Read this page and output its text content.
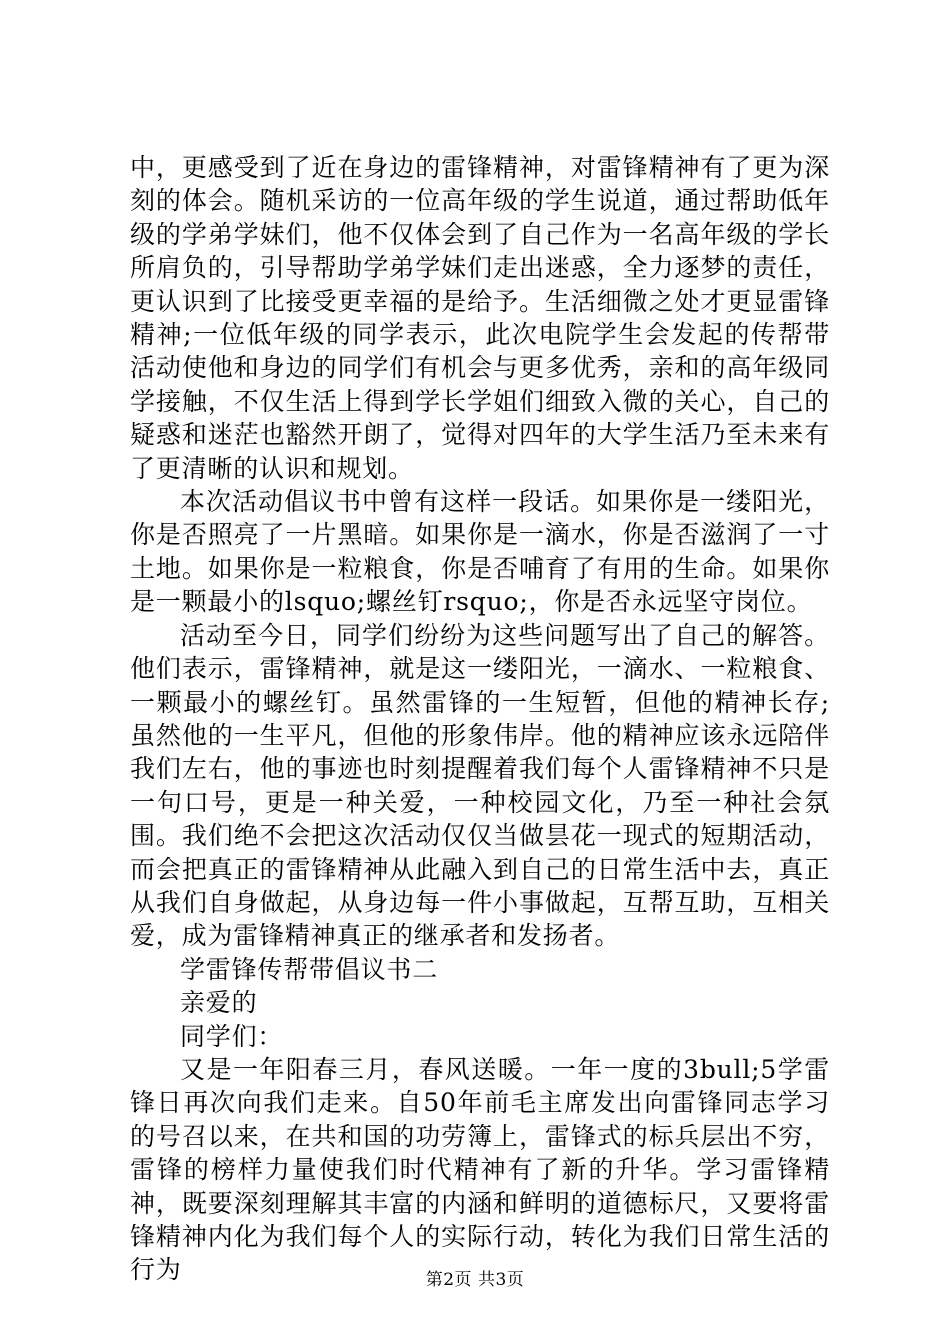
中，更感受到了近在身边的雷锋精神，对雷锋精神有了更为深刻的体会。随机采访的一位高年级的学生说道，通过帮助低年级的学弟学妹们，他不仅体会到了自己作为一名高年级的学长所肩负的，引导帮助学弟学妹们走出迷惑，全力逐梦的责任，更认识到了比接受更幸福的是给予。生活细微之处才更显雷锋精神;一位低年级的同学表示，此次电院学生会发起的传帮带活动使他和身边的同学们有机会与更多优秀，亲和的高年级同学接触，不仅生活上得到学长学姐们细致入微的关心，自己的疑惑和迷茫也豁然开朗了，觉得对四年的大学生活乃至未来有了更清晰的认识和规划。

本次活动倡议书中曾有这样一段话。如果你是一缕阳光，你是否照亮了一片黑暗。如果你是一滴水，你是否滋润了一寸土地。如果你是一粒粮食，你是否哺育了有用的生命。如果你是一颗最小的lsquo;螺丝钉rsquo;，你是否永远坚守岗位。

活动至今日，同学们纷纷为这些问题写出了自己的解答。他们表示，雷锋精神，就是这一缕阳光，一滴水、一粒粮食、一颗最小的螺丝钉。虽然雷锋的一生短暂，但他的精神长存;虽然他的一生平凡，但他的形象伟岸。他的精神应该永远陪伴我们左右，他的事迹也时刻提醒着我们每个人雷锋精神不只是一句口号，更是一种关爱，一种校园文化，乃至一种社会氛围。我们绝不会把这次活动仅仅当做昙花一现式的短期活动，而会把真正的雷锋精神从此融入到自己的日常生活中去，真正从我们自身做起，从身边每一件小事做起，互帮互助，互相关爱，成为雷锋精神真正的继承者和发扬者。

学雷锋传帮带倡议书二

亲爱的

同学们：

又是一年阳春三月，春风送暖。一年一度的3bull;5学雷锋日再次向我们走来。自50年前毛主席发出向雷锋同志学习的号召以来，在共和国的功劳簿上，雷锋式的标兵层出不穷，雷锋的榜样力量使我们时代精神有了新的升华。学习雷锋精神，既要深刻理解其丰富的内涵和鲜明的道德标尺，又要将雷锋精神内化为我们每个人的实际行动，转化为我们日常生活的行为	第2页 共3页
